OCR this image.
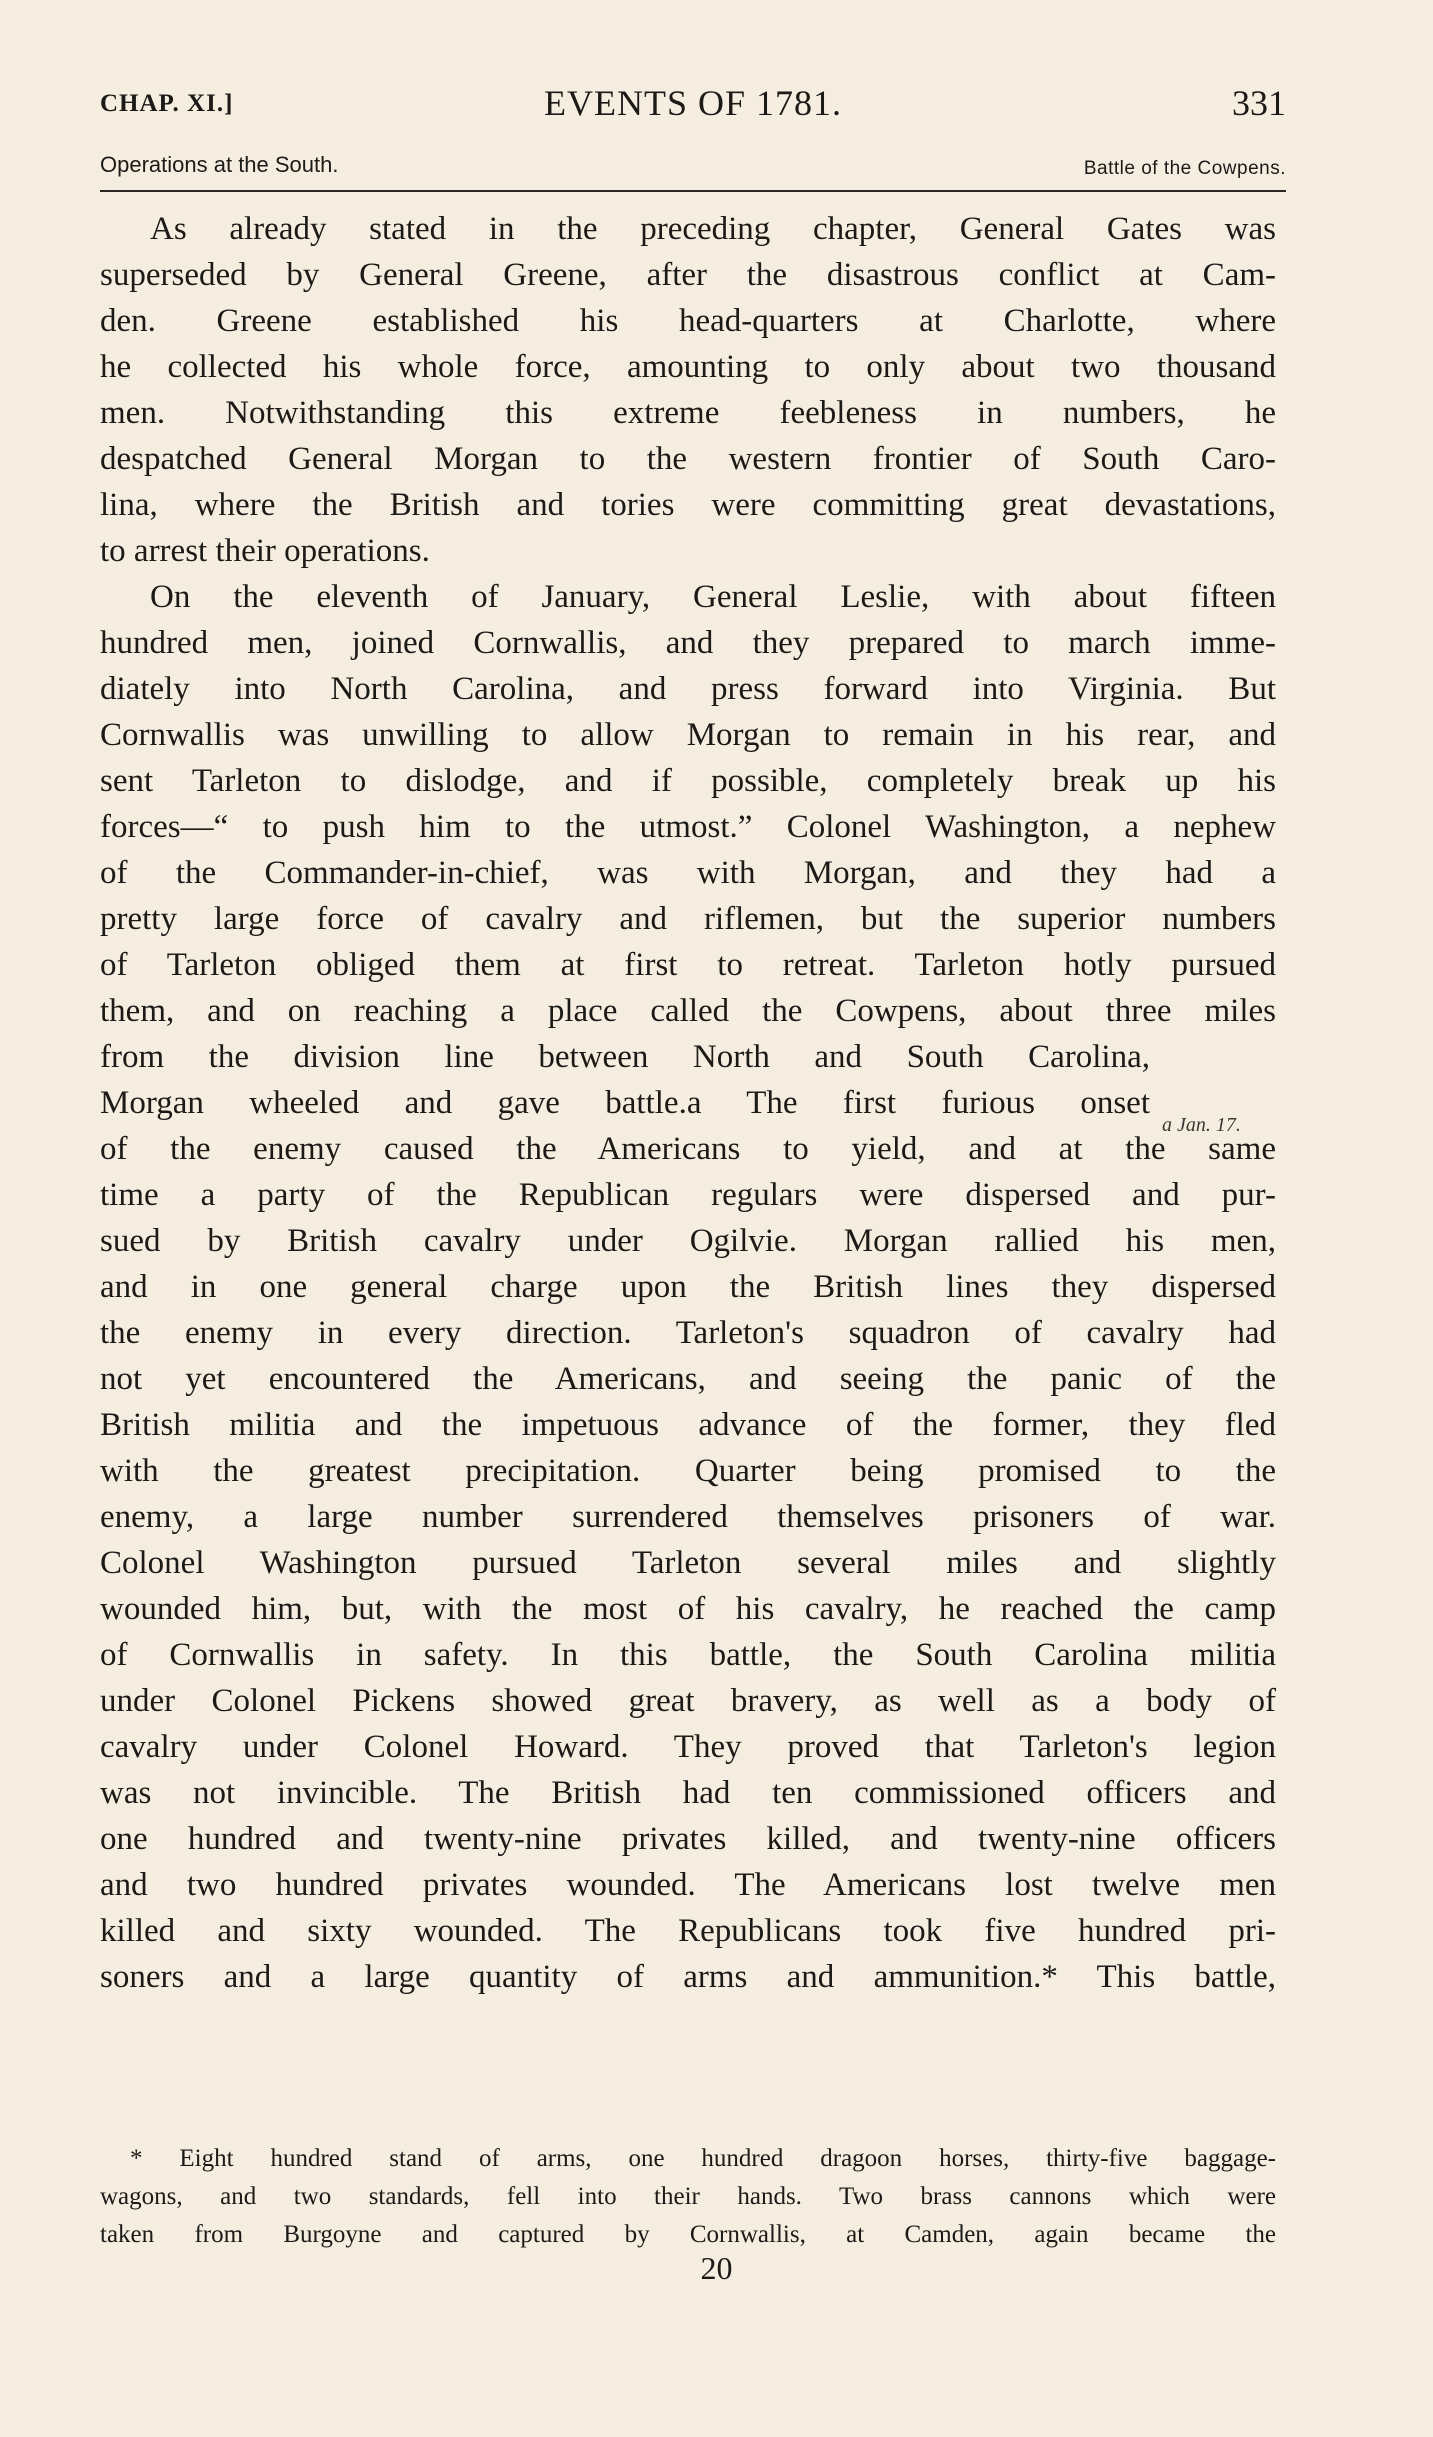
CHAP. XI.]	EVENTS OF 1781.	331
Operations at the South.	Battle of the Cowpens.
As already stated in the preceding chapter, General Gates was
superseded by General Greene, after the disastrous conflict at Cam-
den. Greene established his head-quarters at Charlotte, where
he collected his whole force, amounting to only about two thousand
men. Notwithstanding this extreme feebleness in numbers, he
despatched General Morgan to the western frontier of South Caro-
lina, where the British and tories were committing great devastations,
to arrest their operations.
On the eleventh of January, General Leslie, with about fifteen
hundred men, joined Cornwallis, and they prepared to march imme-
diately into North Carolina, and press forward into Virginia. But
Cornwallis was unwilling to allow Morgan to remain in his rear, and
sent Tarleton to dislodge, and if possible, completely break up his
forces—“ to push him to the utmost.” Colonel Washington, a nephew
of the Commander-in-chief, was with Morgan, and they had a
pretty large force of cavalry and riflemen, but the superior numbers
of Tarleton obliged them at first to retreat. Tarleton hotly pursued
them, and on reaching a place called the Cowpens, about three miles
from the division line between North and South Carolina,
Morgan wheeled and gave battle.a The first furious onset
of the enemy caused the Americans to yield, and at the same
time a party of the Republican regulars were dispersed and pur-
sued by British cavalry under Ogilvie. Morgan rallied his men,
and in one general charge upon the British lines they dispersed
the enemy in every direction. Tarleton's squadron of cavalry had
not yet encountered the Americans, and seeing the panic of the
British militia and the impetuous advance of the former, they fled
with the greatest precipitation. Quarter being promised to the
enemy, a large number surrendered themselves prisoners of war.
Colonel Washington pursued Tarleton several miles and slightly
wounded him, but, with the most of his cavalry, he reached the camp
of Cornwallis in safety. In this battle, the South Carolina militia
under Colonel Pickens showed great bravery, as well as a body of
cavalry under Colonel Howard. They proved that Tarleton's legion
was not invincible. The British had ten commissioned officers and
one hundred and twenty-nine privates killed, and twenty-nine officers
and two hundred privates wounded. The Americans lost twelve men
killed and sixty wounded. The Republicans took five hundred pri-
soners and a large quantity of arms and ammunition.* This battle,
a Jan. 17.
* Eight hundred stand of arms, one hundred dragoon horses, thirty-five baggage-
wagons, and two standards, fell into their hands. Two brass cannons which were
taken from Burgoyne and captured by Cornwallis, at Camden, again became the
20
